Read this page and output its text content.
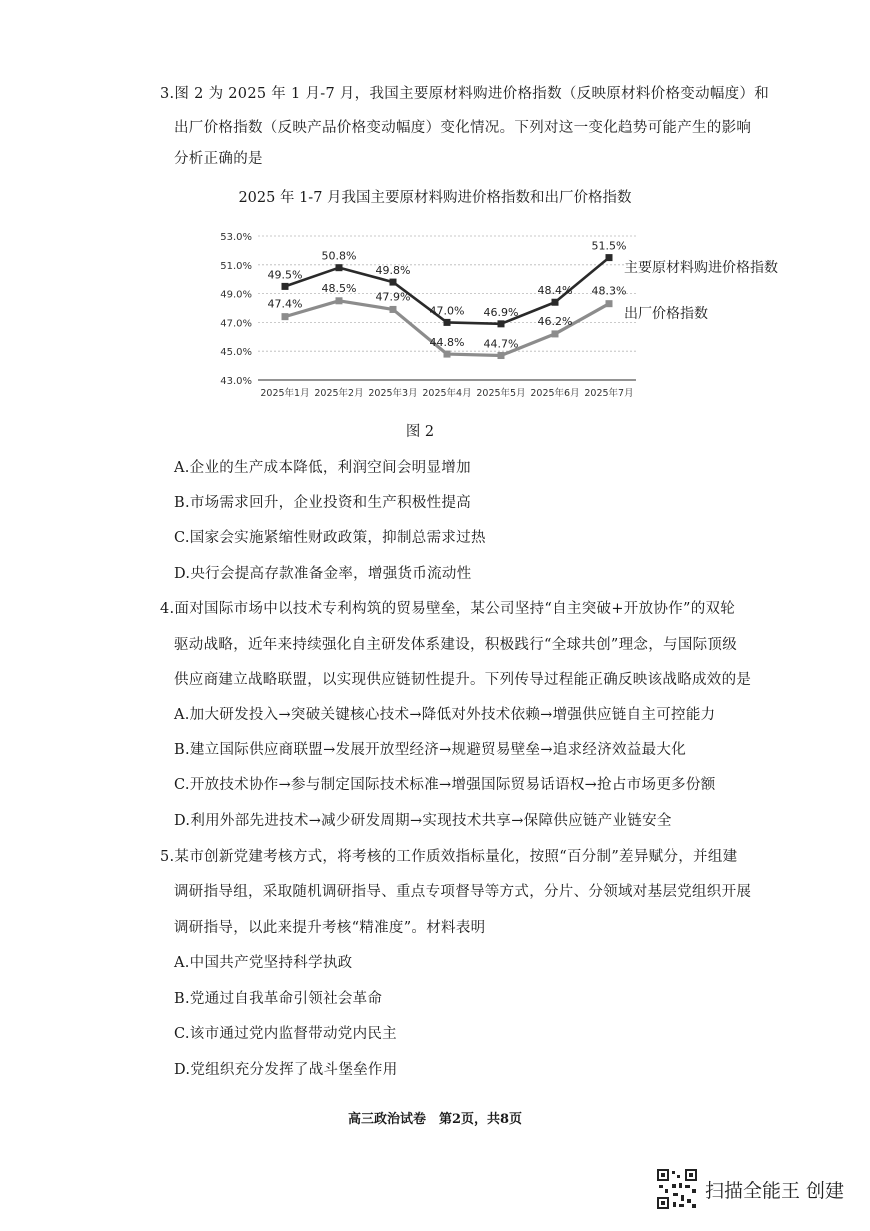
3.图 2 为 2025 年 1 月-7 月，我国主要原材料购进价格指数（反映原材料价格变动幅度）和
出厂价格指数（反映产品价格变动幅度）变化情况。下列对这一变化趋势可能产生的影响
分析正确的是
2025 年 1-7 月我国主要原材料购进价格指数和出厂价格指数
43.0%
45.0%
47.0%
49.0%
51.0%
53.0%
2025年1月 2025年2月 2025年3月 2025年4月 2025年5月 2025年6月 2025年7月
49.5%
50.8%
49.8%
47.0% 46.9%
48.4%
51.5%
主要原材料购进价格指数
47.4%
48.5%
47.9%
44.8% 44.7%
46.2%
48.3%
出厂价格指数
图 2
A.企业的生产成本降低，利润空间会明显增加
B.市场需求回升，企业投资和生产积极性提高
C.国家会实施紧缩性财政政策，抑制总需求过热
D.央行会提高存款准备金率，增强货币流动性
4.面对国际市场中以技术专利构筑的贸易壁垒，某公司坚持“自主突破+开放协作”的双轮
驱动战略，近年来持续强化自主研发体系建设，积极践行“全球共创”理念，与国际顶级
供应商建立战略联盟，以实现供应链韧性提升。下列传导过程能正确反映该战略成效的是
A.加大研发投入→突破关键核心技术→降低对外技术依赖→增强供应链自主可控能力
B.建立国际供应商联盟→发展开放型经济→规避贸易壁垒→追求经济效益最大化
C.开放技术协作→参与制定国际技术标准→增强国际贸易话语权→抢占市场更多份额
D.利用外部先进技术→减少研发周期→实现技术共享→保障供应链产业链安全
5.某市创新党建考核方式，将考核的工作质效指标量化，按照“百分制”差异赋分，并组建
调研指导组，采取随机调研指导、重点专项督导等方式，分片、分领域对基层党组织开展
调研指导，以此来提升考核“精准度”。材料表明
A.中国共产党坚持科学执政
B.党通过自我革命引领社会革命
C.该市通过党内监督带动党内民主
D.党组织充分发挥了战斗堡垒作用
高三政治试卷　第2页，共8页
扫描全能王 创建
